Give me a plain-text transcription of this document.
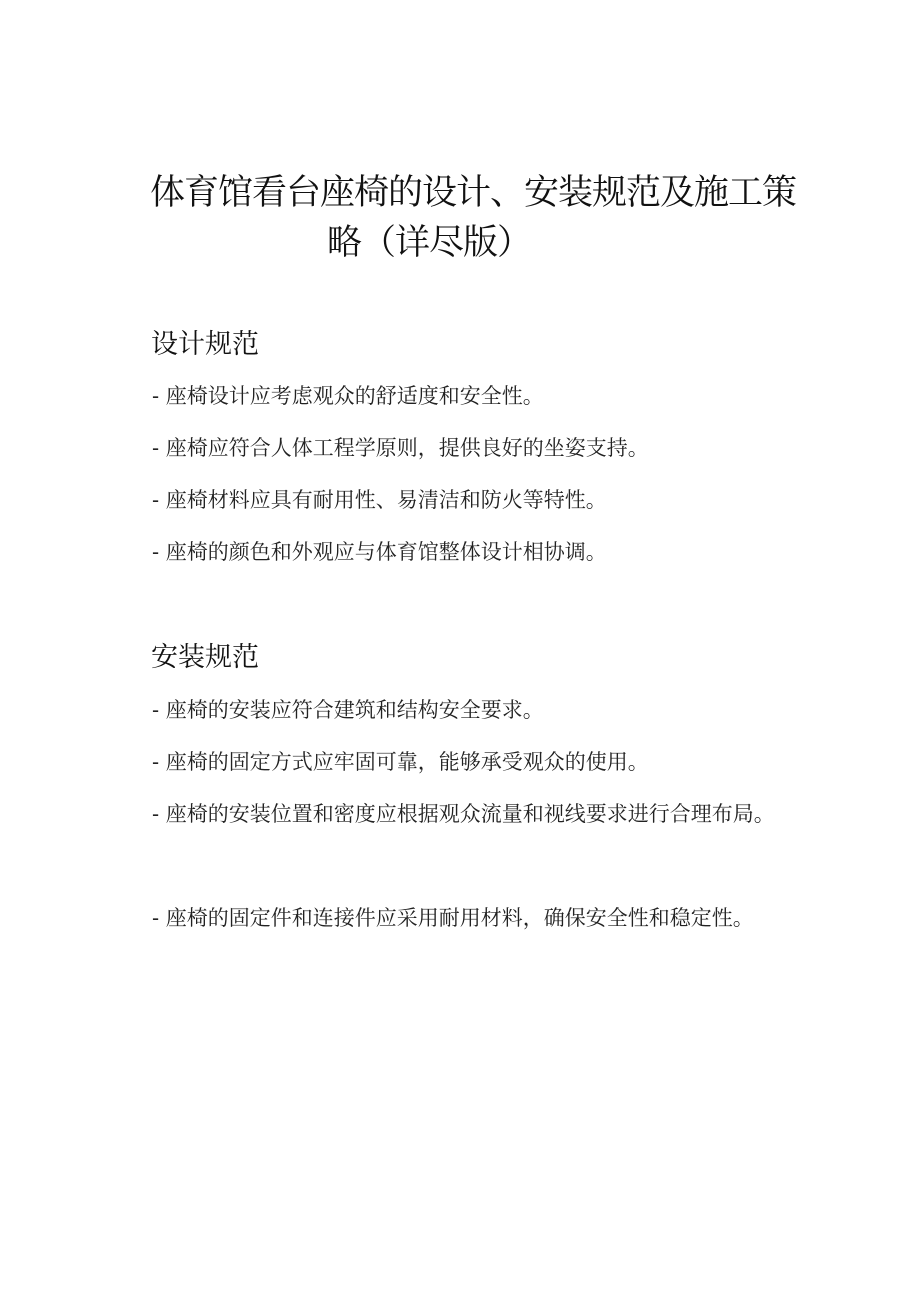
体育馆看台座椅的设计、安装规范及施工策
略（详尽版）
设计规范

- 座椅设计应考虑观众的舒适度和安全性。

- 座椅应符合人体工程学原则，提供良好的坐姿支持。

- 座椅材料应具有耐用性、易清洁和防火等特性。

- 座椅的颜色和外观应与体育馆整体设计相协调。

安装规范

- 座椅的安装应符合建筑和结构安全要求。

- 座椅的固定方式应牢固可靠，能够承受观众的使用。

- 座椅的安装位置和密度应根据观众流量和视线要求进行合理布局。

- 座椅的固定件和连接件应采用耐用材料，确保安全性和稳定性。
